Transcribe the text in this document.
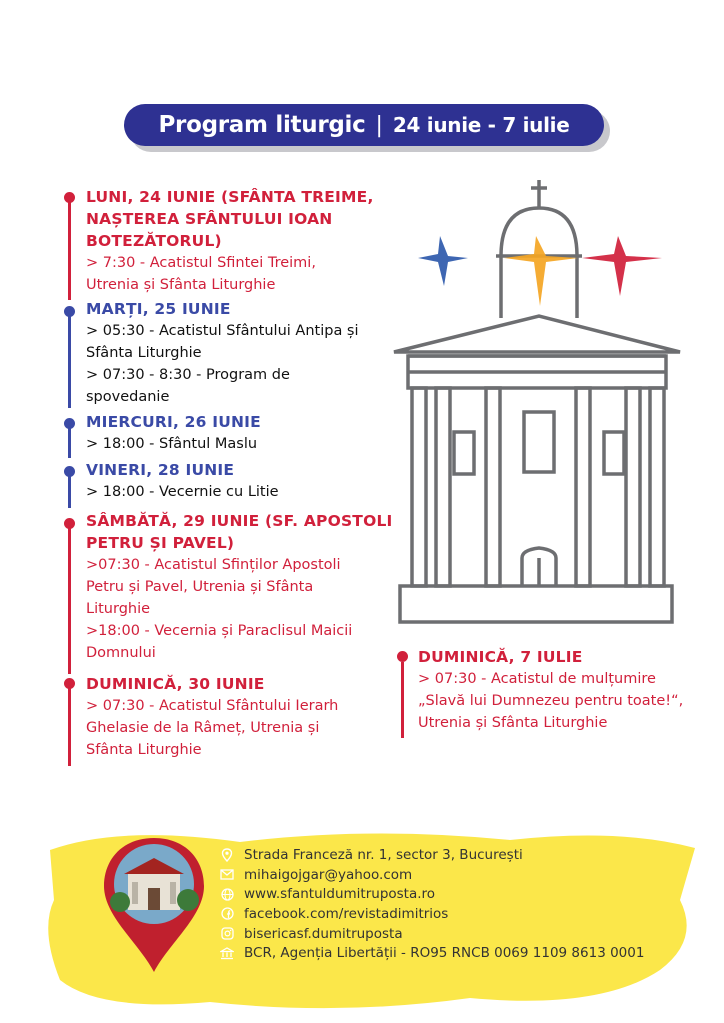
Program liturgic | 24 iunie - 7 iulie
LUNI, 24 IUNIE (SFÂNTA TREIME,
NAȘTEREA SFÂNTULUI IOAN
BOTEZĂTORUL)
> 7:30 - Acatistul Sfintei Treimi,
Utrenia și Sfânta Liturghie
MARȚI, 25 IUNIE
> 05:30 - Acatistul Sfântului Antipa și
Sfânta Liturghie
> 07:30 - 8:30 - Program de
spovedanie
MIERCURI, 26 IUNIE
> 18:00 - Sfântul Maslu
VINERI, 28 IUNIE
> 18:00 - Vecernie cu Litie
SÂMBĂTĂ, 29 IUNIE (SF. APOSTOLI
PETRU ȘI PAVEL)
>07:30 - Acatistul Sfinților Apostoli
Petru și Pavel, Utrenia și Sfânta
Liturghie
>18:00 - Vecernia și Paraclisul Maicii
Domnului
DUMINICĂ, 30 IUNIE
> 07:30 - Acatistul Sfântului Ierarh
Ghelasie de la Râmeț, Utrenia și
Sfânta Liturghie
DUMINICĂ, 7 IULIE
> 07:30 - Acatistul de mulțumire
„Slavă lui Dumnezeu pentru toate!“,
Utrenia și Sfânta Liturghie
Strada Franceză nr. 1, sector 3, București
mihaigojgar@yahoo.com
www.sfantuldumitruposta.ro
facebook.com/revistadimitrios
bisericasf.dumitruposta
BCR, Agenția Libertății - RO95 RNCB 0069 1109 8613 0001
